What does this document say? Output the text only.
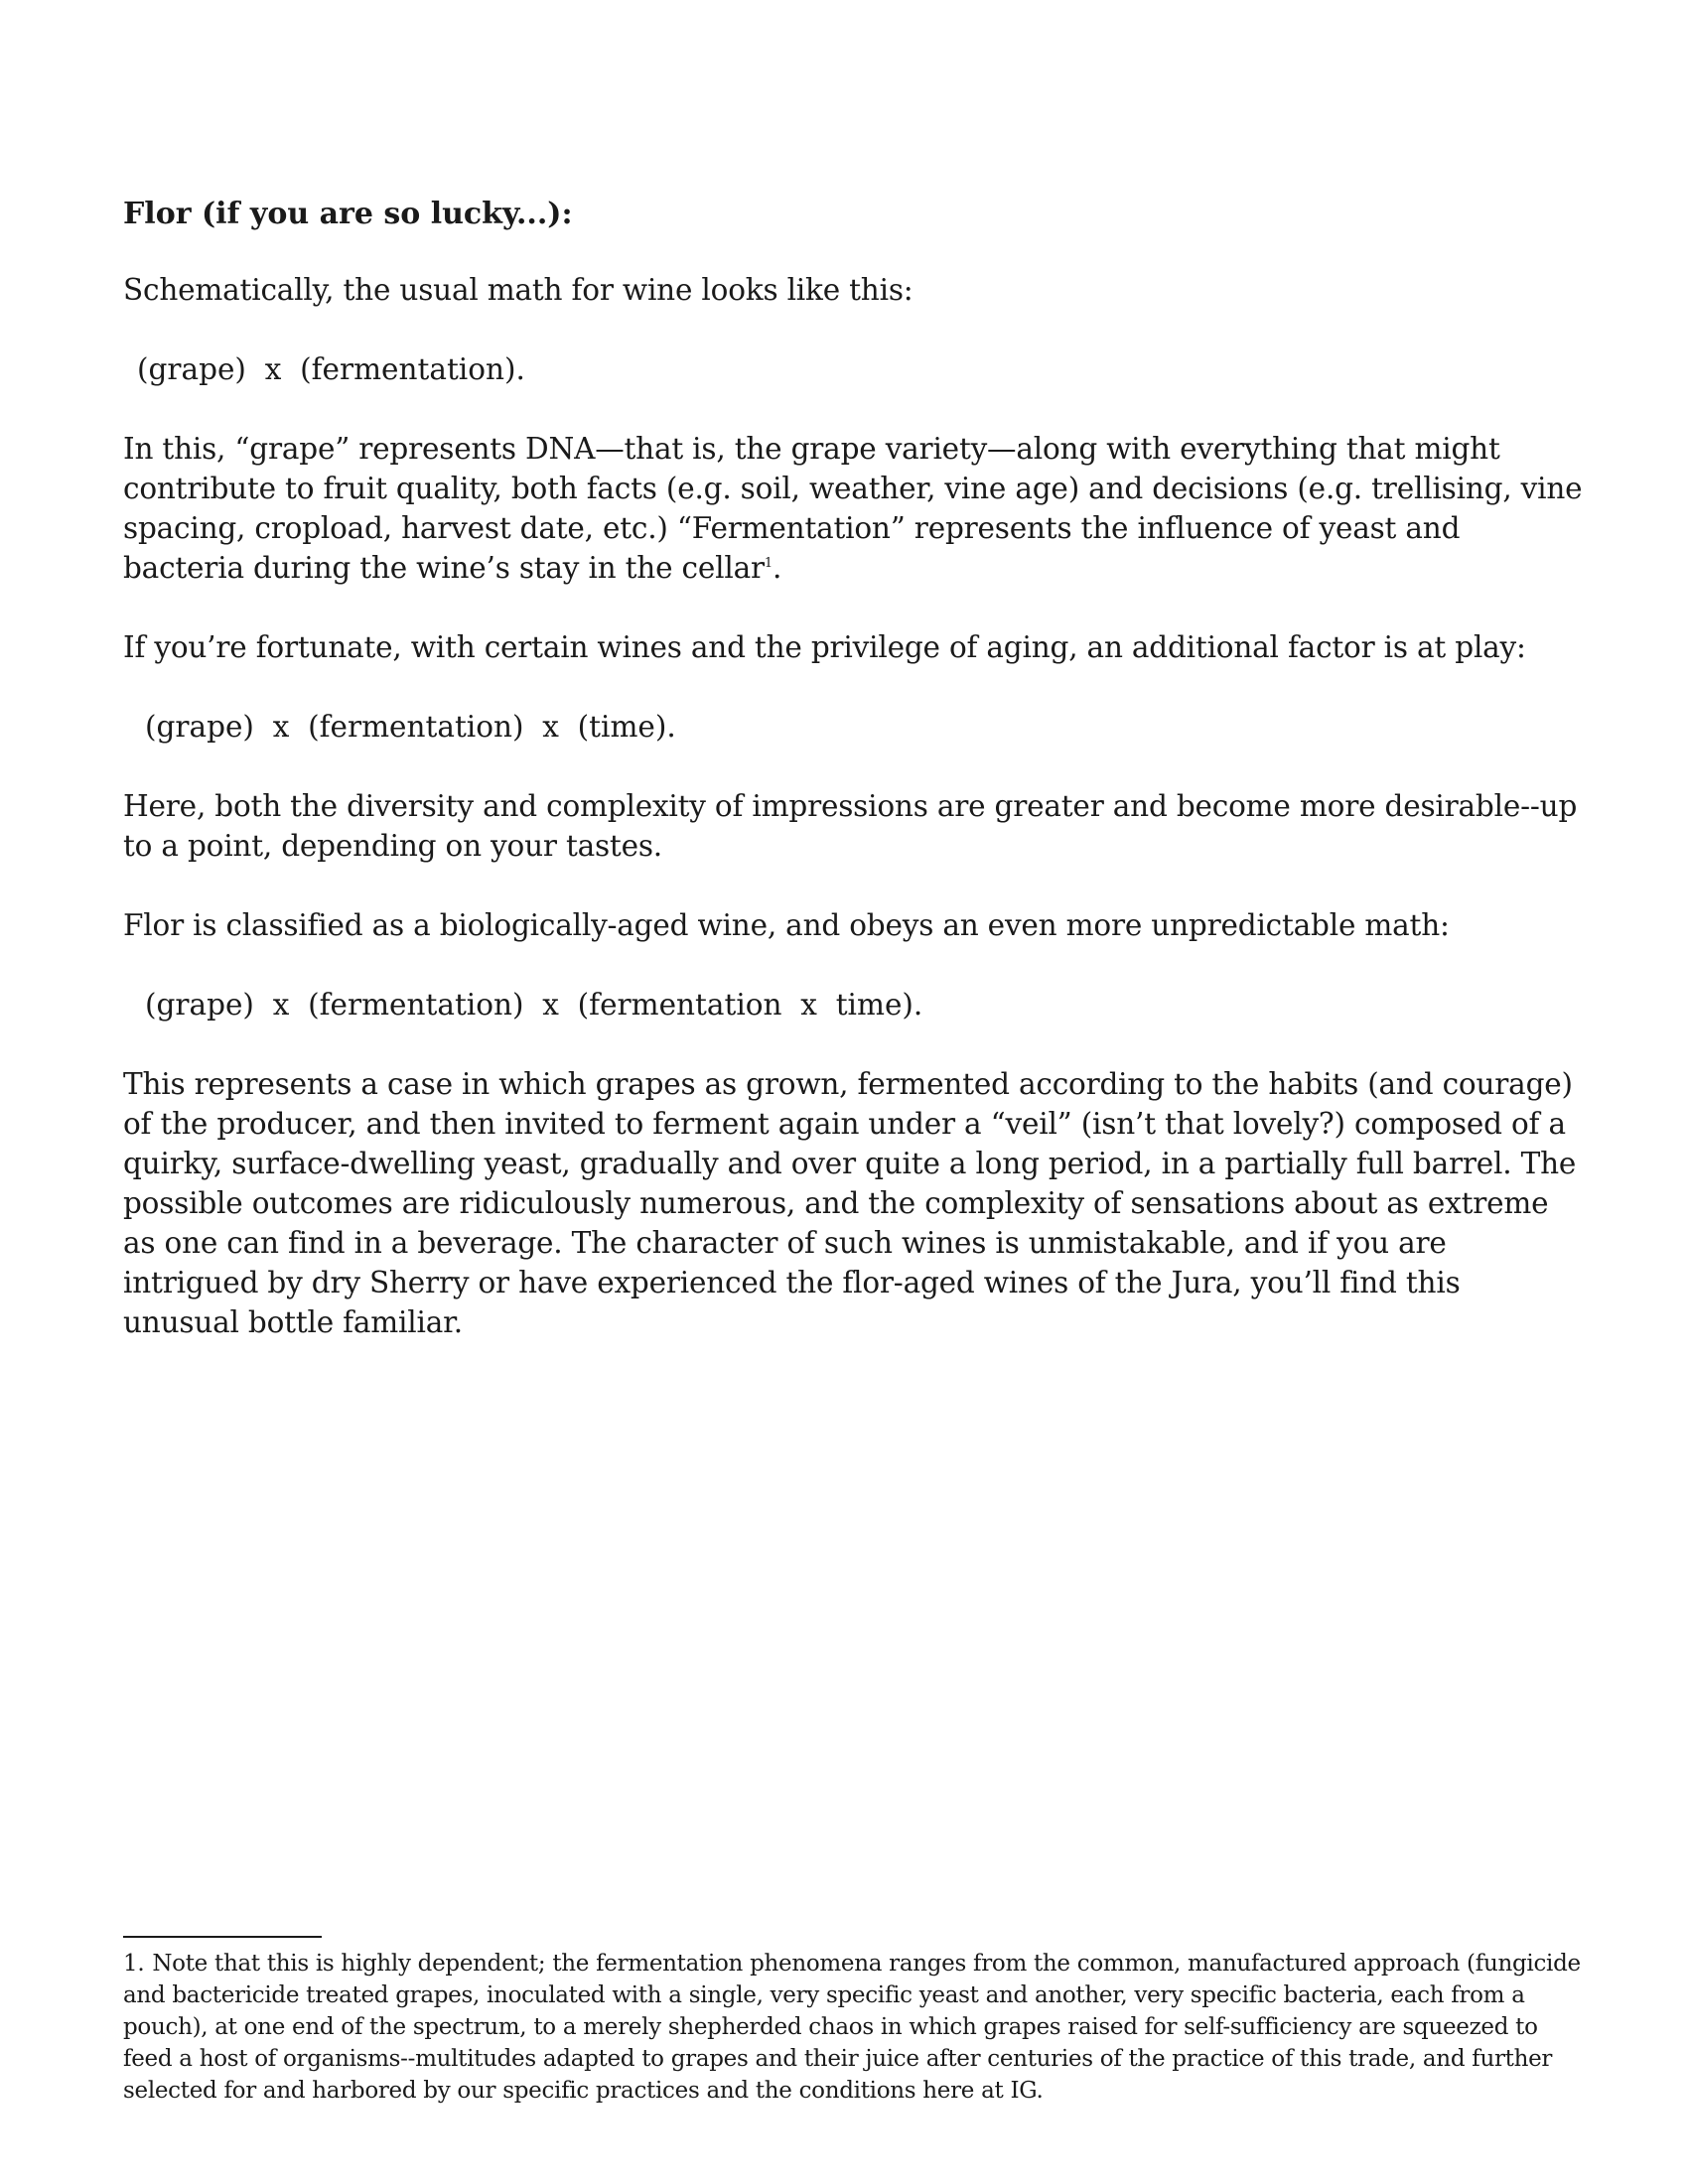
Flor (if you are so lucky...):

Schematically, the usual math for wine looks like this:

(grape)  x  (fermentation).

In this, “grape” represents DNA—that is, the grape variety—along with everything that might contribute to fruit quality, both facts (e.g. soil, weather, vine age) and decisions (e.g. trellising, vine spacing, cropload, harvest date, etc.) “Fermentation” represents the influence of yeast and bacteria during the wine’s stay in the cellar$^1$.

If you’re fortunate, with certain wines and the privilege of aging, an additional factor is at play:

(grape)  x  (fermentation)  x  (time).

Here, both the diversity and complexity of impressions are greater and become more desirable--up to a point, depending on your tastes.

Flor is classified as a biologically-aged wine, and obeys an even more unpredictable math:

(grape)  x  (fermentation)  x  (fermentation  x  time).

This represents a case in which grapes as grown, fermented according to the habits (and courage) of the producer, and then invited to ferment again under a “veil” (isn’t that lovely?) composed of a quirky, surface-dwelling yeast, gradually and over quite a long period, in a partially full barrel. The possible outcomes are ridiculously numerous, and the complexity of sensations about as extreme as one can find in a beverage. The character of such wines is unmistakable, and if you are intrigued by dry Sherry or have experienced the flor-aged wines of the Jura, you’ll find this unusual bottle familiar.

1. Note that this is highly dependent; the fermentation phenomena ranges from the common, manufactured approach (fungicide and bactericide treated grapes, inoculated with a single, very specific yeast and another, very specific bacteria, each from a pouch), at one end of the spectrum, to a merely shepherded chaos in which grapes raised for self-sufficiency are squeezed to feed a host of organisms--multitudes adapted to grapes and their juice after centuries of the practice of this trade, and further selected for and harbored by our specific practices and the conditions here at IG.
